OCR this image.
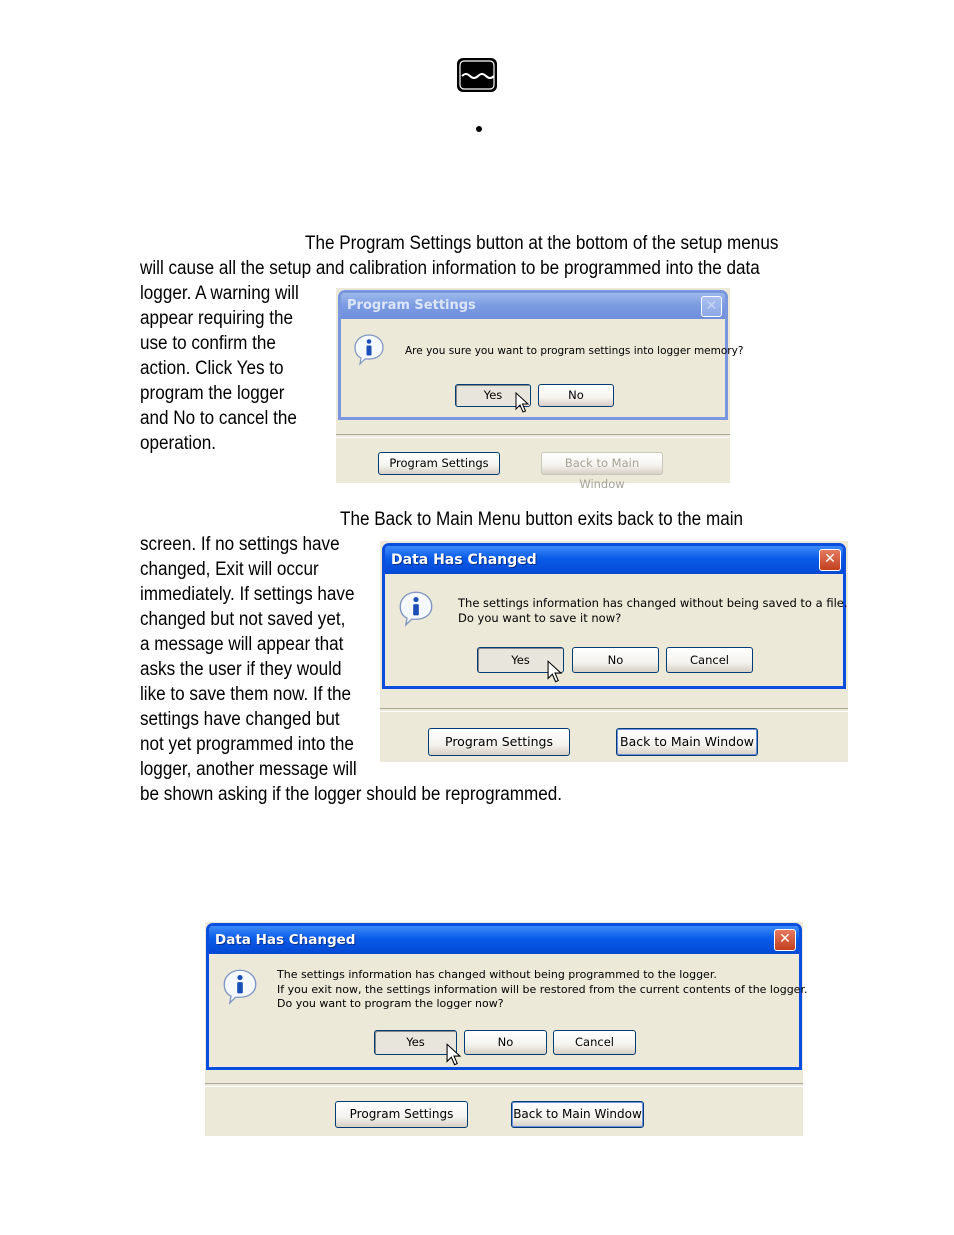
The Program Settings button at the bottom of the setup menus
will cause all the setup and calibration information to be programmed into the data
logger. A warning will
appear requiring the
use to confirm the
action. Click Yes to
program the logger
and No to cancel the
operation.
Program Settings	✕
Are you sure you want to program settings into logger memory?
Yes	No
Program Settings	Back to Main Window
The Back to Main Menu button exits back to the main
screen. If no settings have
changed, Exit will occur
immediately. If settings have
changed but not saved yet,
a message will appear that
asks the user if they would
like to save them now. If the
settings have changed but
not yet programmed into the
logger, another message will
be shown asking if the logger should be reprogrammed.
Data Has Changed	✕
The settings information has changed without being saved to a file.
Do you want to save it now?
Yes	No	Cancel
Program Settings	Back to Main Window
Data Has Changed	✕
The settings information has changed without being programmed to the logger.
If you exit now, the settings information will be restored from the current contents of the logger.
Do you want to program the logger now?
Yes	No	Cancel
Program Settings	Back to Main Window
